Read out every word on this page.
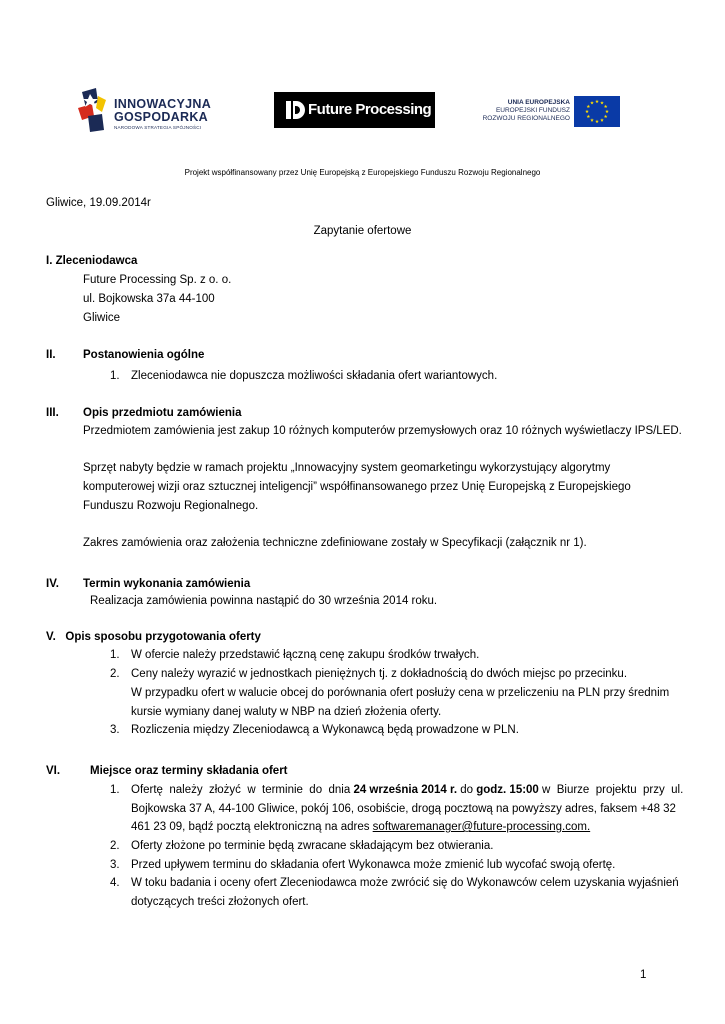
INNOWACYJNA
GOSPODARKA
NARODOWA STRATEGIA SPÓJNOŚCI
Future Processing	UNIA EUROPEJSKA
EUROPEJSKI FUNDUSZ
ROZWOJU REGIONALNEGO
Projekt współfinansowany przez Unię Europejską z Europejskiego Funduszu Rozwoju Regionalnego
Gliwice, 19.09.2014r
Zapytanie ofertowe
I. Zleceniodawca
Future Processing Sp. z o. o.
ul. Bojkowska 37a 44-100
Gliwice
II. Postanowienia ogólne
1. Zleceniodawca nie dopuszcza możliwości składania ofert wariantowych.
III. Opis przedmiotu zamówienia
Przedmiotem zamówienia jest zakup 10 różnych komputerów przemysłowych oraz 10 różnych wyświetlaczy IPS/LED.
Sprzęt nabyty będzie w ramach projektu „Innowacyjny system geomarketingu wykorzystujący algorytmy
komputerowej wizji oraz sztucznej inteligencji” współfinansowanego przez Unię Europejską z Europejskiego
Funduszu Rozwoju Regionalnego.
Zakres zamówienia oraz założenia techniczne zdefiniowane zostały w Specyfikacji (załącznik nr 1).
IV. Termin wykonania zamówienia
Realizacja zamówienia powinna nastąpić do 30 września 2014 roku.
V.   Opis sposobu przygotowania oferty
1. W ofercie należy przedstawić łączną cenę zakupu środków trwałych.
2. Ceny należy wyrazić w jednostkach pieniężnych tj. z dokładnością do dwóch miejsc po przecinku.
W przypadku ofert w walucie obcej do porównania ofert posłuży cena w przeliczeniu na PLN przy średnim
kursie wymiany danej waluty w NBP na dzień złożenia oferty.
3. Rozliczenia między Zleceniodawcą a Wykonawcą będą prowadzone w PLN.
VI.	Miejsce oraz terminy składania ofert
1. Ofertę  należy  złożyć  w  terminie  do  dnia 24 września 2014 r. do godz. 15:00 w  Biurze  projektu  przy  ul.
Bojkowska 37 A, 44-100 Gliwice, pokój 106, osobiście, drogą pocztową na powyższy adres, faksem +48 32
461 23 09, bądź pocztą elektroniczną na adres softwaremanager@future-processing.com.
2. Oferty złożone po terminie będą zwracane składającym bez otwierania.
3. Przed upływem terminu do składania ofert Wykonawca może zmienić lub wycofać swoją ofertę.
4. W toku badania i oceny ofert Zleceniodawca może zwrócić się do Wykonawców celem uzyskania wyjaśnień
dotyczących treści złożonych ofert.
1
